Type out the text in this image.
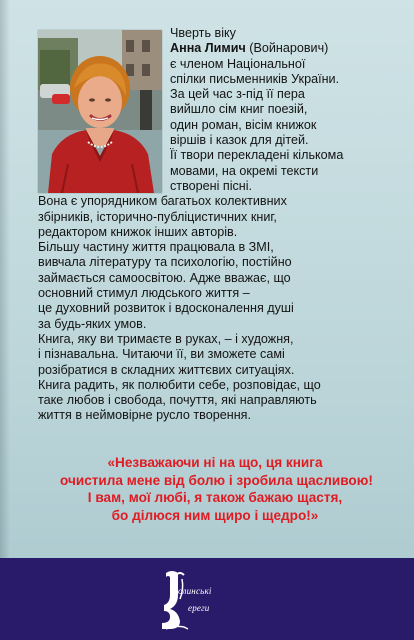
Чверть віку
Анна Лимич (Войнарович)
є членом Національної
спілки письменників України.
За цей час з-під її пера
вийшло сім книг поезій,
один роман, вісім книжок
віршів і казок для дітей.
Її твори перекладені кількома
мовами, на окремі тексти
створені пісні.
Вона є упорядником багатьох колективних
збірників, історично-публіцистичних книг,
редактором книжок інших авторів.
Більшу частину життя працювала в ЗМІ,
вивчала літературу та психологію, постійно
займається самоосвітою. Адже вважає, що
основний стимул людського життя –
це духовний розвиток і вдосконалення душі
за будь-яких умов.
Книга, яку ви тримаєте в руках, – і художня,
і пізнавальна. Читаючи її, ви зможете самі
розібратися в складних життєвих ситуаціях.
Книга радить, як полюбити себе, розповідає, що
таке любов і свобода, почуття, які направляють
життя в неймовірне русло творення.
«Незважаючи ні на що, ця книга
очистила мене від болю і зробила щасливою!
І вам, мої любі, я також бажаю щастя,
бо ділюся ним щиро і щедро!»
олинські
ереги
